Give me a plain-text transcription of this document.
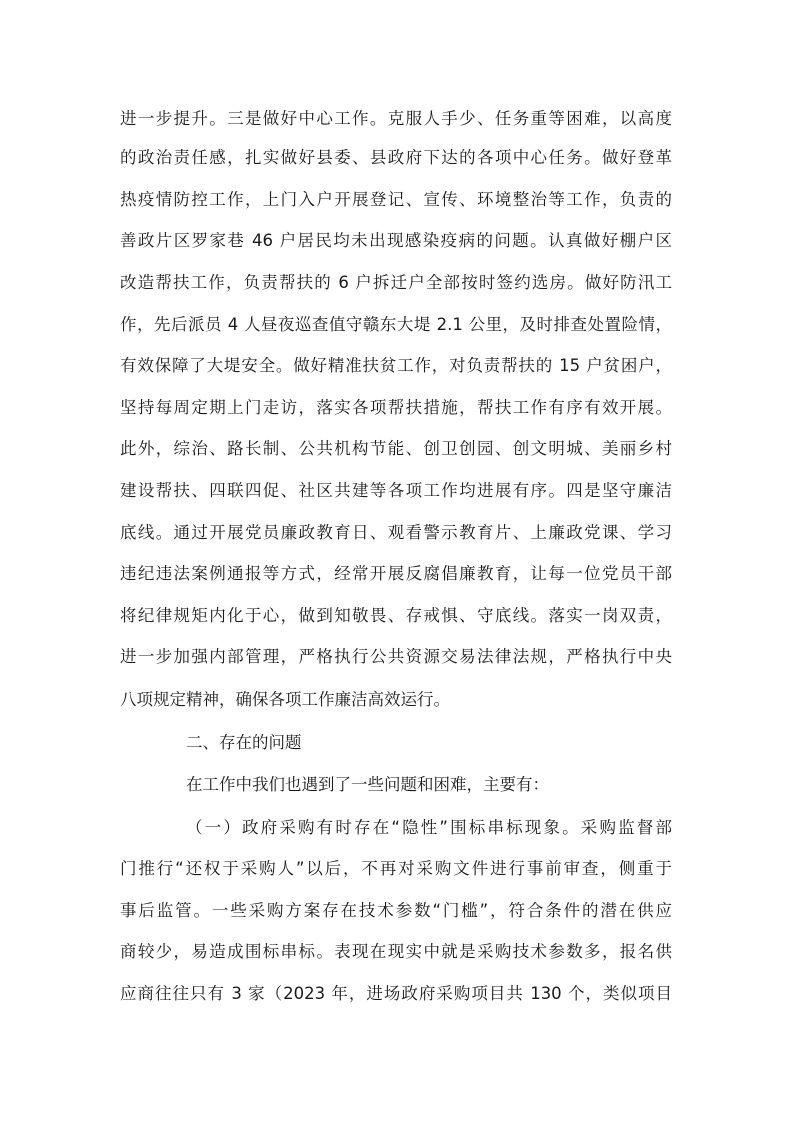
进一步提升。三是做好中心工作。克服人手少、任务重等困难，以高度
的政治责任感，扎实做好县委、县政府下达的各项中心任务。做好登革
热疫情防控工作，上门入户开展登记、宣传、环境整治等工作，负责的
善政片区罗家巷 46 户居民均未出现感染疫病的问题。认真做好棚户区
改造帮扶工作，负责帮扶的 6 户拆迁户全部按时签约选房。做好防汛工
作，先后派员 4 人昼夜巡查值守赣东大堤 2.1 公里，及时排查处置险情，
有效保障了大堤安全。做好精准扶贫工作，对负责帮扶的 15 户贫困户，
坚持每周定期上门走访，落实各项帮扶措施，帮扶工作有序有效开展。
此外，综治、路长制、公共机构节能、创卫创园、创文明城、美丽乡村
建设帮扶、四联四促、社区共建等各项工作均进展有序。四是坚守廉洁
底线。通过开展党员廉政教育日、观看警示教育片、上廉政党课、学习
违纪违法案例通报等方式，经常开展反腐倡廉教育，让每一位党员干部
将纪律规矩内化于心，做到知敬畏、存戒惧、守底线。落实一岗双责，
进一步加强内部管理，严格执行公共资源交易法律法规，严格执行中央
八项规定精神，确保各项工作廉洁高效运行。
二、存在的问题
在工作中我们也遇到了一些问题和困难，主要有：
（一）政府采购有时存在“隐性”围标串标现象。采购监督部
门推行“还权于采购人”以后，不再对采购文件进行事前审查，侧重于
事后监管。一些采购方案存在技术参数“门槛”，符合条件的潜在供应
商较少，易造成围标串标。表现在现实中就是采购技术参数多，报名供
应商往往只有 3 家（2023 年，进场政府采购项目共 130 个，类似项目
